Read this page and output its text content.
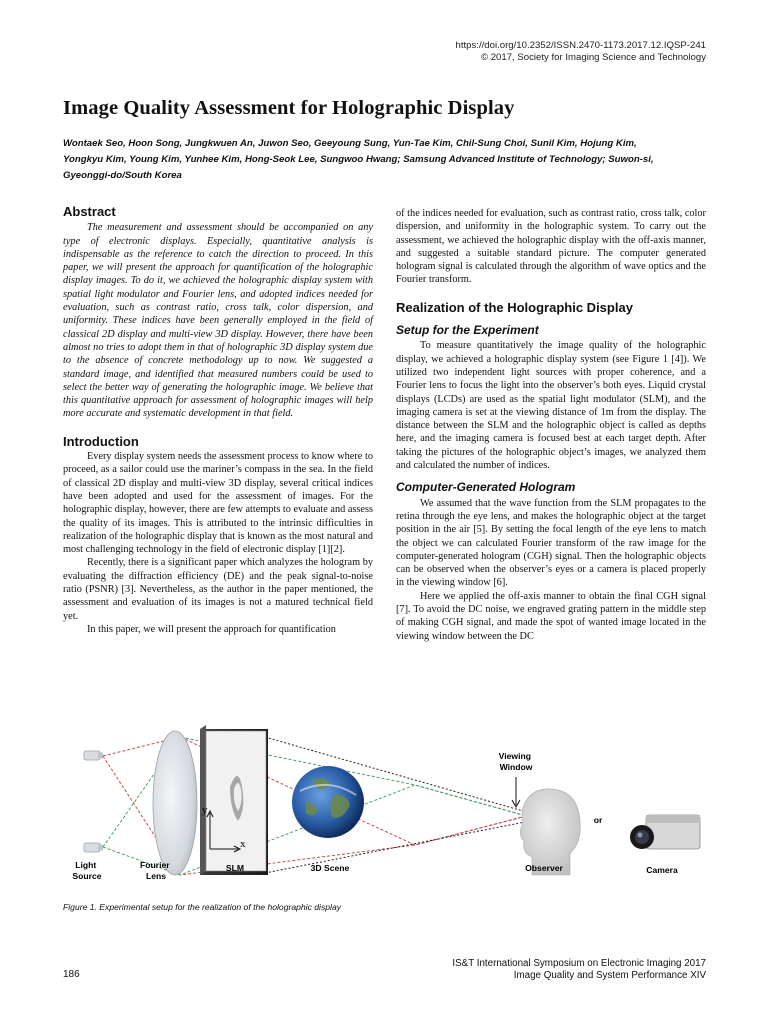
https://doi.org/10.2352/ISSN.2470-1173.2017.12.IQSP-241
© 2017, Society for Imaging Science and Technology
Image Quality Assessment for Holographic Display
Wontaek Seo, Hoon Song, Jungkwuen An, Juwon Seo, Geeyoung Sung, Yun-Tae Kim, Chil-Sung Choi, Sunil Kim, Hojung Kim,
Yongkyu Kim, Young Kim, Yunhee Kim, Hong-Seok Lee, Sungwoo Hwang; Samsung Advanced Institute of Technology; Suwon-si,
Gyeonggi-do/South Korea
Abstract

The measurement and assessment should be accompanied on any type of electronic displays. Especially, quantitative analysis is indispensable as the reference to catch the direction to proceed. In this paper, we will present the approach for quantification of the holographic display images. To do it, we achieved the holographic display system with spatial light modulator and Fourier lens, and adopted indices needed for evaluation, such as contrast ratio, cross talk, color dispersion, and uniformity. These indices have been generally employed in the field of classical 2D display and multi-view 3D display. However, there have been almost no tries to adopt them in that of holographic 3D display system due to the absence of concrete methodology up to now. We suggested a standard image, and identified that measured numbers could be used to select the better way of generating the holographic image. We believe that this quantitative approach for assessment of holographic images will help more accurate and systematic development in that field.

Introduction

Every display system needs the assessment process to know where to proceed, as a sailor could use the mariner’s compass in the sea. In the field of classical 2D display and multi-view 3D display, several critical indices have been adopted and used for the assessment of images. For the holographic display, however, there are few attempts to evaluate and assess the quality of its images. This is attributed to the intrinsic difficulties in realization of the holographic display that is known as the most natural and most challenging technology in the field of electronic display [1][2].

Recently, there is a significant paper which analyzes the hologram by evaluating the diffraction efficiency (DE) and the peak signal-to-noise ratio (PSNR) [3]. Nevertheless, as the author in the paper mentioned, the assessment and evaluation of its images is not a matured technical field yet.

In this paper, we will present the approach for quantification

of the indices needed for evaluation, such as contrast ratio, cross talk, color dispersion, and uniformity in the holographic system. To carry out the assessment, we achieved the holographic display with the off-axis manner, and suggested a suitable standard picture. The computer generated hologram signal is calculated through the algorithm of wave optics and the Fourier transform.

Realization of the Holographic Display
Setup for the Experiment

To measure quantitatively the image quality of the holographic display, we achieved a holographic display system (see Figure 1 [4]). We utilized two independent light sources with proper coherence, and a Fourier lens to focus the light into the observer’s both eyes. Liquid crystal displays (LCDs) are used as the spatial light modulator (SLM), and the imaging camera is set at the viewing distance of 1m from the display. The distance between the SLM and the holographic object is called as depths here, and the imaging camera is focused best at each target depth. After taking the pictures of the holographic object’s images, we analyzed them and calculated the number of indices.

Computer-Generated Hologram

We assumed that the wave function from the SLM propagates to the retina through the eye lens, and makes the holographic object at the target position in the air [5]. By setting the focal length of the eye lens to match the object we can calculated Fourier transform of the raw image for the computer-generated hologram (CGH) signal. Then the holographic objects can be observed when the observer’s eyes or a camera is placed properly in the viewing window [6].

Here we applied the off-axis manner to obtain the final CGH signal [7]. To avoid the DC noise, we engraved grating pattern in the middle step of making CGH signal, and made the spot of wanted image located in the viewing window between the DC

y
x
Light Source
Fourier Lens
SLM	3D Scene	Observer
Viewing Window
or
Camera
Figure 1. Experimental setup for the realization of the holographic display
186
IS&T International Symposium on Electronic Imaging 2017
Image Quality and System Performance XIV
